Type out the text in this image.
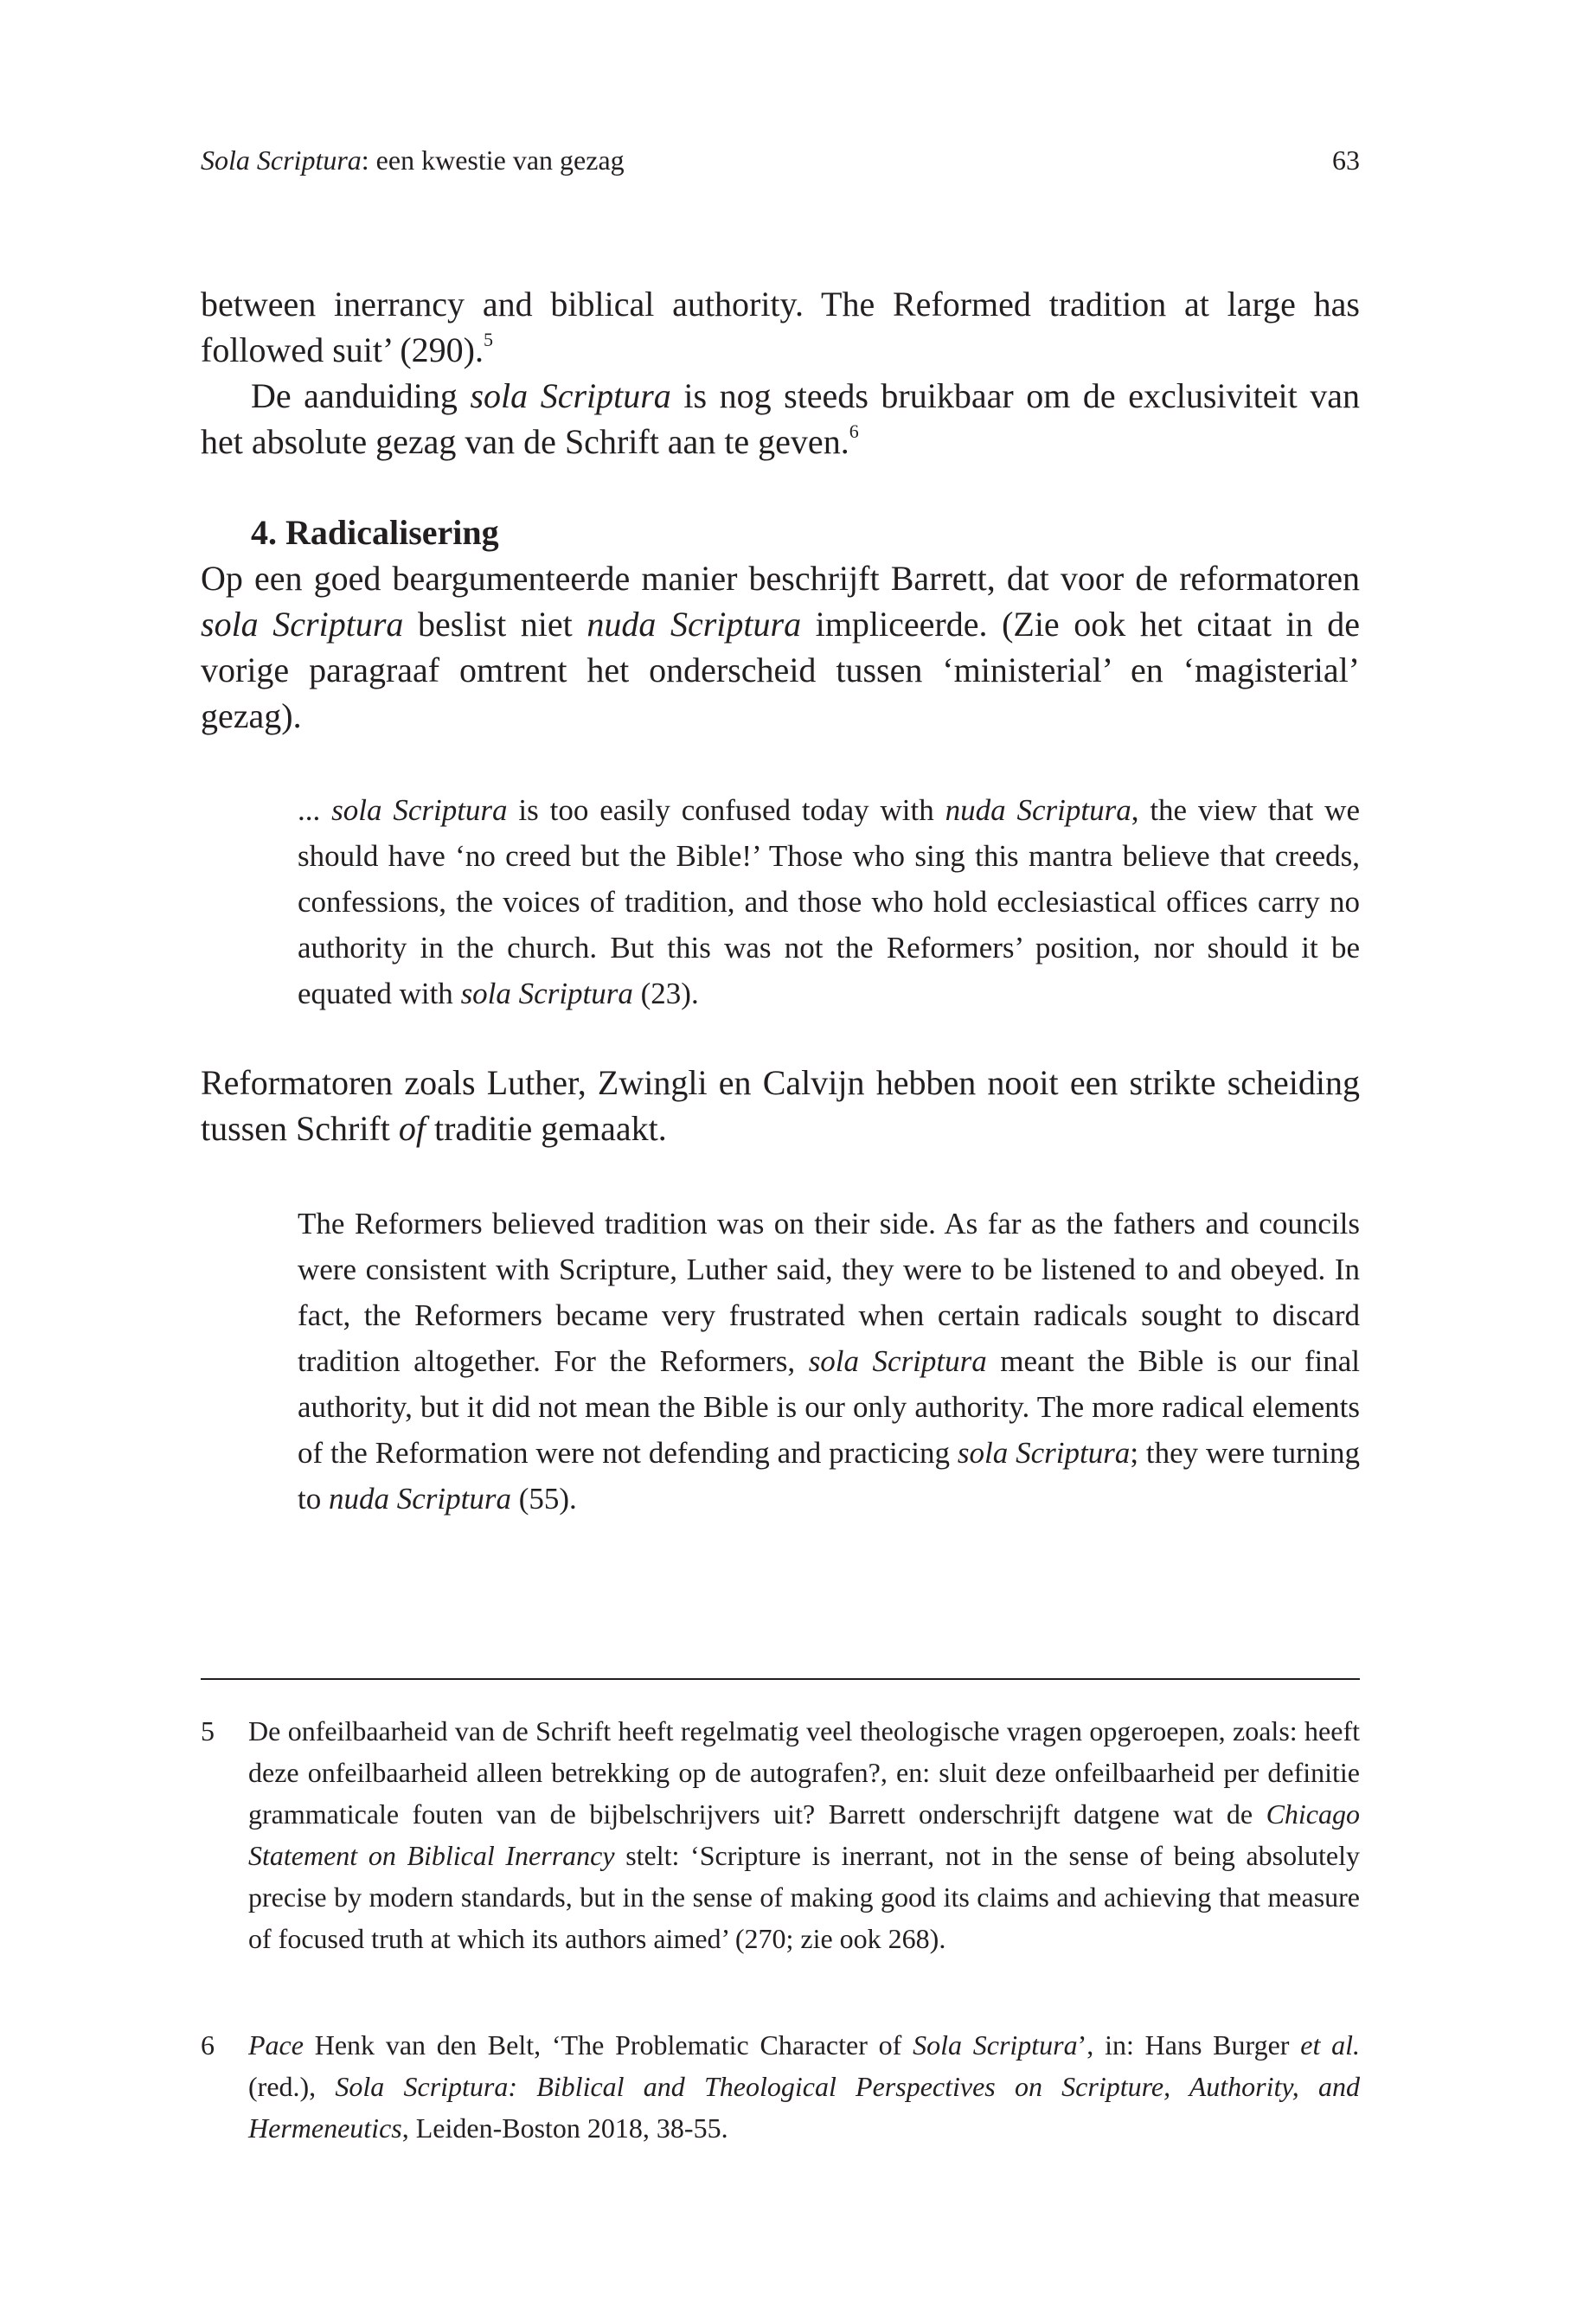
Sola Scriptura: een kwestie van gezag	63

between inerrancy and biblical authority. The Reformed tradition at large has followed suit’ (290).$^5$

De aanduiding sola Scriptura is nog steeds bruikbaar om de exclusiviteit van het absolute gezag van de Schrift aan te geven.$^6$

4. Radicalisering

Op een goed beargumenteerde manier beschrijft Barrett, dat voor de reformatoren sola Scriptura beslist niet nuda Scriptura impliceerde. (Zie ook het citaat in de vorige paragraaf omtrent het onderscheid tussen ‘ministerial’ en ‘magisterial’ gezag).

... sola Scriptura is too easily confused today with nuda Scriptura, the view that we should have ‘no creed but the Bible!’ Those who sing this mantra believe that creeds, confessions, the voices of tradition, and those who hold ecclesiastical offices carry no authority in the church. But this was not the Reformers’ position, nor should it be equated with sola Scriptura (23).

Reformatoren zoals Luther, Zwingli en Calvijn hebben nooit een strikte scheiding tussen Schrift of traditie gemaakt.

The Reformers believed tradition was on their side. As far as the fathers and councils were consistent with Scripture, Luther said, they were to be listened to and obeyed. In fact, the Reformers became very frustrated when certain radicals sought to discard tradition altogether. For the Reformers, sola Scriptura meant the Bible is our final authority, but it did not mean the Bible is our only authority. The more radical elements of the Reformation were not defending and practicing sola Scriptura; they were turning to nuda Scriptura (55).

5 De onfeilbaarheid van de Schrift heeft regelmatig veel theologische vragen opgeroepen, zoals: heeft deze onfeilbaarheid alleen betrekking op de autografen?, en: sluit deze onfeilbaarheid per definitie grammaticale fouten van de bijbelschrijvers uit? Barrett onderschrijft datgene wat de Chicago Statement on Biblical Inerrancy stelt: ‘Scripture is inerrant, not in the sense of being absolutely precise by modern standards, but in the sense of making good its claims and achieving that measure of focused truth at which its authors aimed’ (270; zie ook 268).

6 Pace Henk van den Belt, ‘The Problematic Character of Sola Scriptura’, in: Hans Burger et al. (red.), Sola Scriptura: Biblical and Theological Perspectives on Scripture, Authority, and Hermeneutics, Leiden-Boston 2018, 38-55.
